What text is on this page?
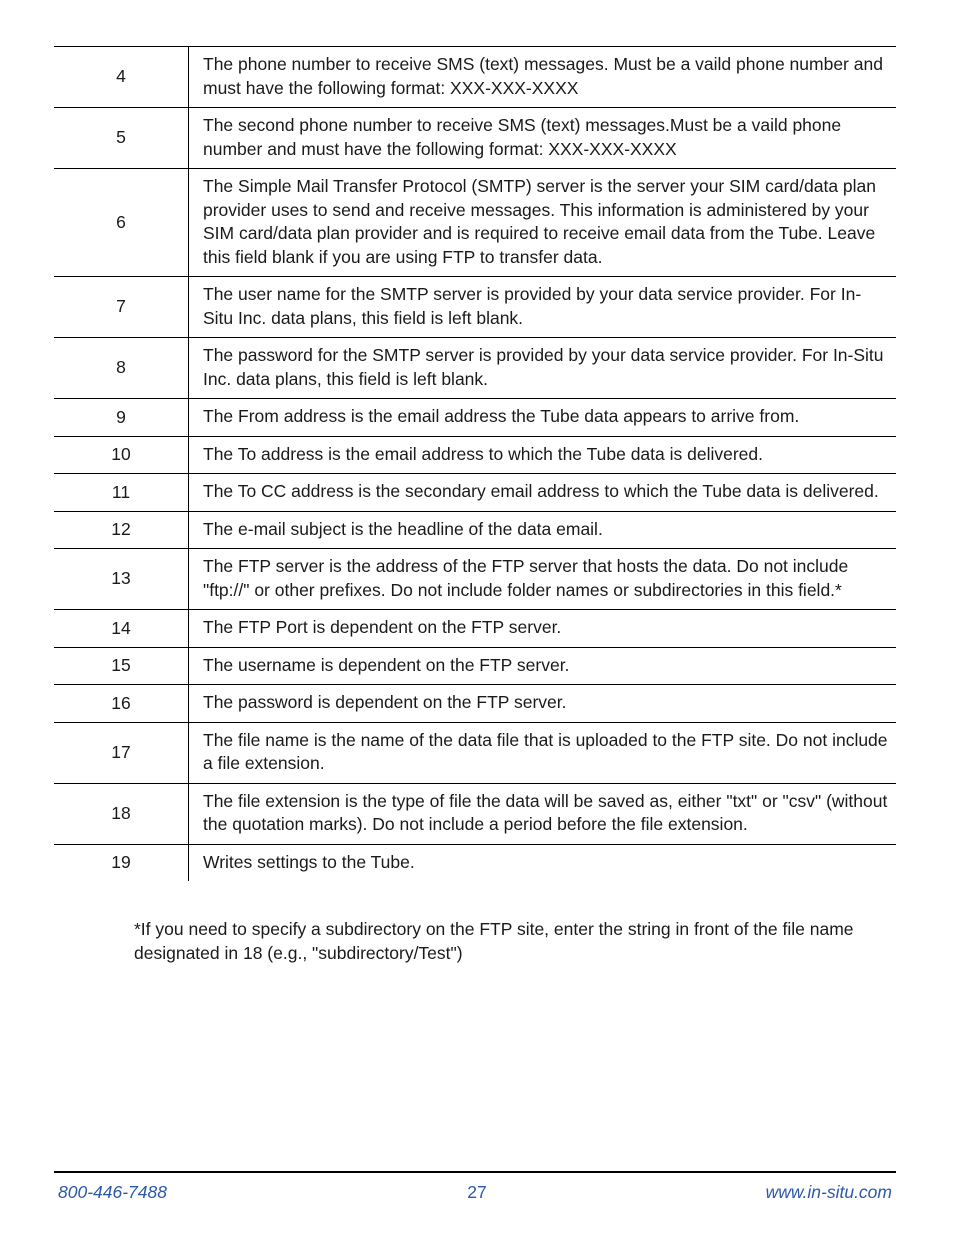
4	The phone number to receive SMS (text) messages. Must be a vaild phone number and must have the following format: XXX-XXX-XXXX
5	The second phone number to receive SMS (text) messages.Must be a vaild phone number and must have the following format: XXX-XXX-XXXX
6	The Simple Mail Transfer Protocol (SMTP) server is the server your SIM card/data plan provider uses to send and receive messages. This information is administered by your SIM card/data plan provider and is required to receive email data from the Tube. Leave this field blank if you are using FTP to transfer data.
7	The user name for the SMTP server is provided by your data service provider. For In-Situ Inc. data plans, this field is left blank.
8	The password for the SMTP server is provided by your data service provider. For In-Situ Inc. data plans, this field is left blank.
9	The From address is the email address the Tube data appears to arrive from.
10	The To address is the email address to which the Tube data is delivered.
11	The To CC address is the secondary email address to which the Tube data is delivered.
12	The e-mail subject is the headline of the data email.
13	The FTP server is the address of the FTP server that hosts the data. Do not include "ftp://" or other prefixes. Do not include folder names or subdirectories in this field.*
14	The FTP Port is dependent on the FTP server.
15	The username is dependent on the FTP server.
16	The password is dependent on the FTP server.
17	The file name is the name of the data file that is uploaded to the FTP site. Do not include a file extension.
18	The file extension is the type of file the data will be saved as, either "txt" or "csv" (without the quotation marks). Do not include a period before the file extension.
19	Writes settings to the Tube.
*If you need to specify a subdirectory on the FTP site, enter the string in front of the file name designated in 18 (e.g., "subdirectory/Test")
800-446-7488	27	www.in-situ.com
